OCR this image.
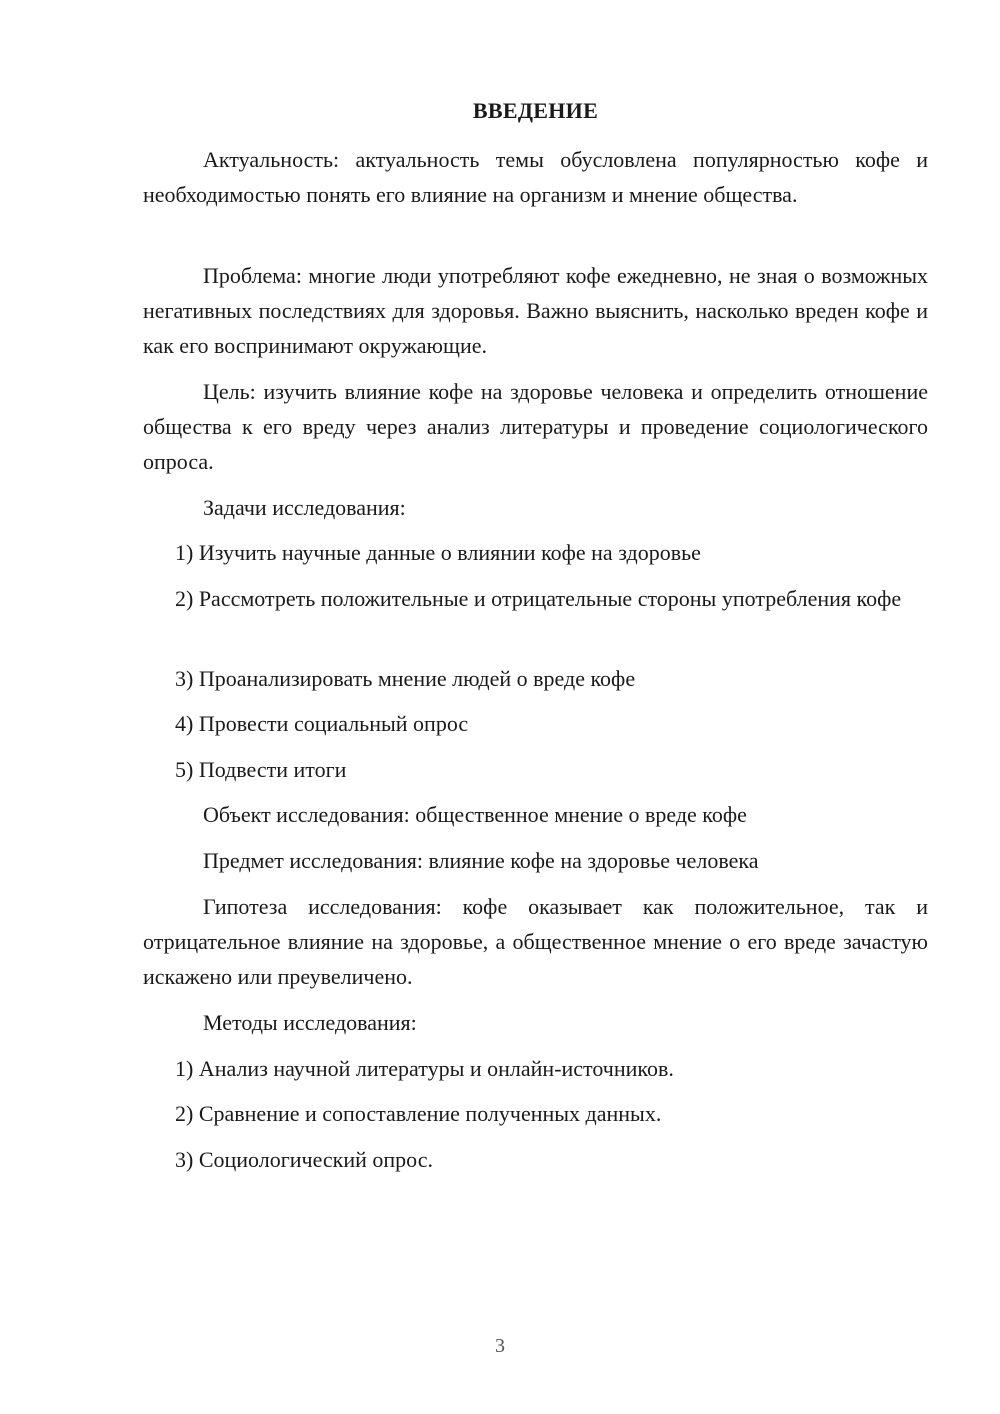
ВВЕДЕНИЕ

Актуальность: актуальность темы обусловлена популярностью кофе и необходимостью понять его влияние на организм и мнение общества.

Проблема: многие люди употребляют кофе ежедневно, не зная о возможных негативных последствиях для здоровья. Важно выяснить, насколько вреден кофе и как его воспринимают окружающие.

Цель: изучить влияние кофе на здоровье человека и определить отношение общества к его вреду через анализ литературы и проведение социологического опроса.

Задачи исследования:

1) Изучить научные данные о влиянии кофе на здоровье

2) Рассмотреть положительные и отрицательные стороны употребления кофе

3) Проанализировать мнение людей о вреде кофе

4) Провести социальный опрос

5) Подвести итоги

Объект исследования: общественное мнение о вреде кофе

Предмет исследования: влияние кофе на здоровье человека

Гипотеза исследования: кофе оказывает как положительное, так и отрицательное влияние на здоровье, а общественное мнение о его вреде зачастую искажено или преувеличено.

Методы исследования:

1) Анализ научной литературы и онлайн-источников.

2) Сравнение и сопоставление полученных данных.

3) Социологический опрос.

3
